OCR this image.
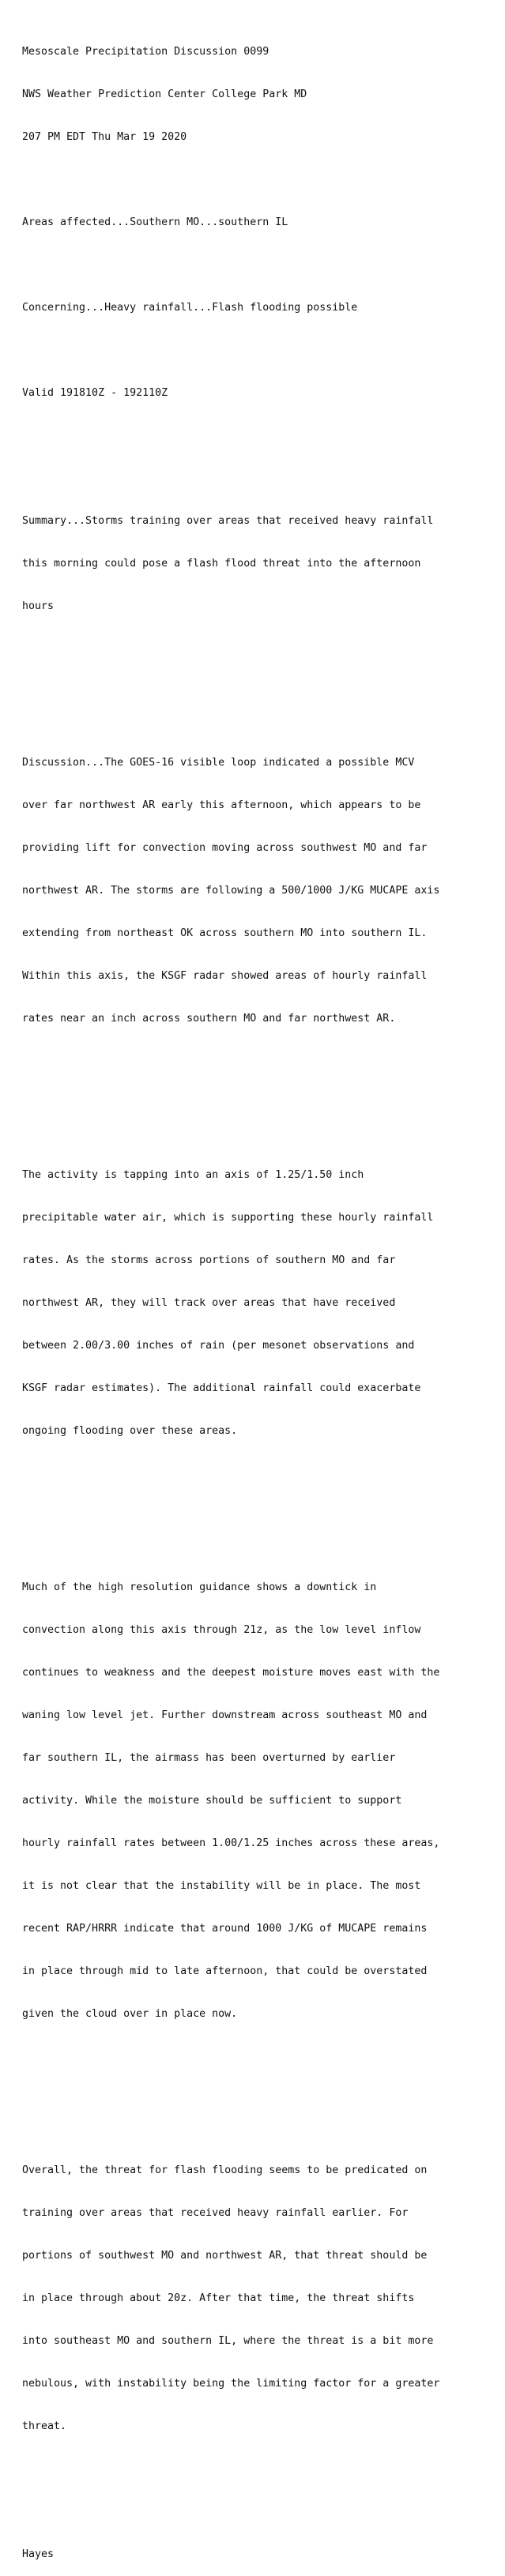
Mesoscale Precipitation Discussion 0099

NWS Weather Prediction Center College Park MD

207 PM EDT Thu Mar 19 2020

Areas affected...Southern MO...southern IL

Concerning...Heavy rainfall...Flash flooding possible

Valid 191810Z - 192110Z

Summary...Storms training over areas that received heavy rainfall

this morning could pose a flash flood threat into the afternoon

hours

Discussion...The GOES-16 visible loop indicated a possible MCV

over far northwest AR early this afternoon, which appears to be

providing lift for convection moving across southwest MO and far

northwest AR. The storms are following a 500/1000 J/KG MUCAPE axis

extending from northeast OK across southern MO into southern IL.

Within this axis, the KSGF radar showed areas of hourly rainfall

rates near an inch across southern MO and far northwest AR.

The activity is tapping into an axis of 1.25/1.50 inch

precipitable water air, which is supporting these hourly rainfall

rates. As the storms across portions of southern MO and far

northwest AR, they will track over areas that have received

between 2.00/3.00 inches of rain (per mesonet observations and

KSGF radar estimates). The additional rainfall could exacerbate

ongoing flooding over these areas.

Much of the high resolution guidance shows a downtick in

convection along this axis through 21z, as the low level inflow

continues to weakness and the deepest moisture moves east with the

waning low level jet. Further downstream across southeast MO and

far southern IL, the airmass has been overturned by earlier

activity. While the moisture should be sufficient to support

hourly rainfall rates between 1.00/1.25 inches across these areas,

it is not clear that the instability will be in place. The most

recent RAP/HRRR indicate that around 1000 J/KG of MUCAPE remains

in place through mid to late afternoon, that could be overstated

given the cloud over in place now.

Overall, the threat for flash flooding seems to be predicated on

training over areas that received heavy rainfall earlier. For

portions of southwest MO and northwest AR, that threat should be

in place through about 20z. After that time, the threat shifts

into southeast MO and southern IL, where the threat is a bit more

nebulous, with instability being the limiting factor for a greater

threat.

Hayes
